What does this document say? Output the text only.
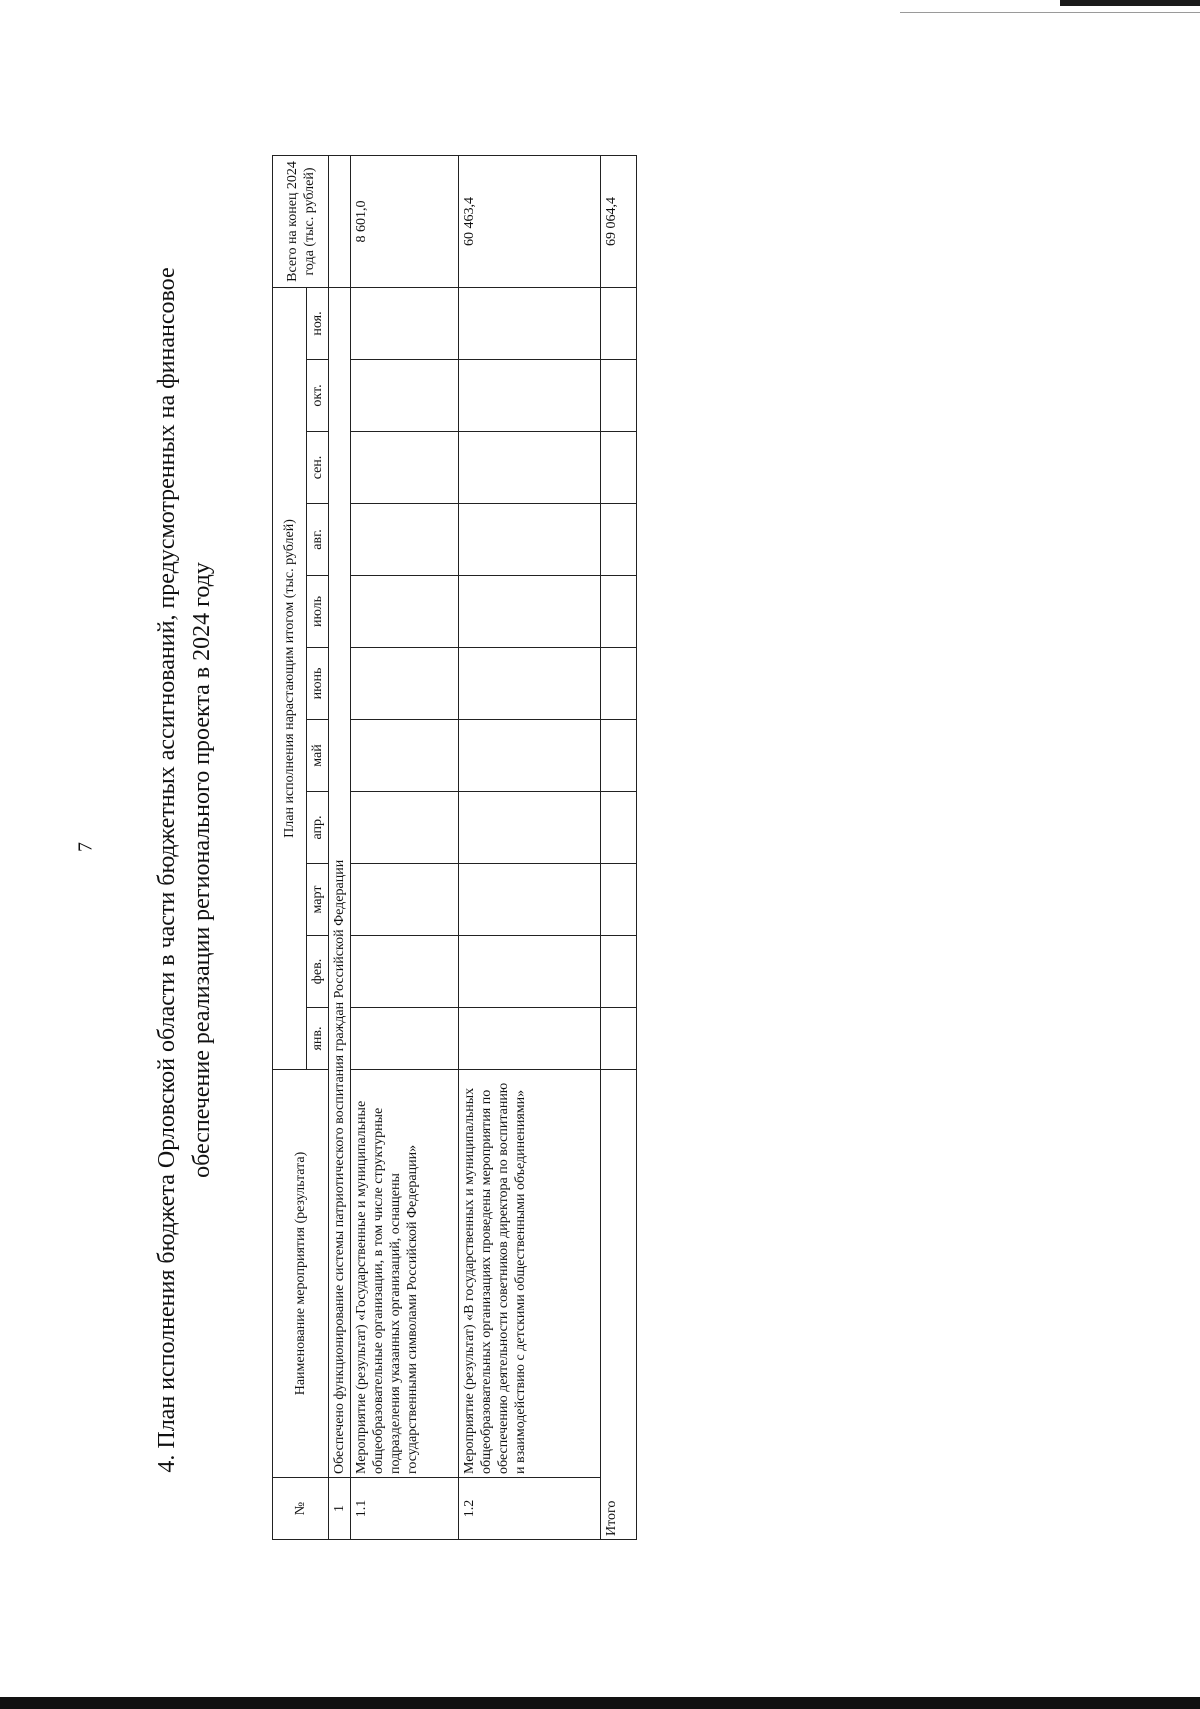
7 4. План исполнения бюджета Орловской области в части бюджетных ассигнований, предусмотренных на финансовое обеспечение реализации регионального проекта в 2024 году
№	Наименование мероприятия (результата)	План исполнения нарастающим итогом (тыс. рублей)											Всего на конец 2024 года (тыс. рублей)
		янв.	фев.	март	апр.	май	июнь	июль	авг.	сен.	окт.	ноя.	
1	Обеспечено функционирование системы патриотического воспитания граждан Российской Федерации												
1.1	Мероприятие (результат) «Государственные и муниципальные общеобразовательные организации, в том числе структурные подразделения указанных организаций, оснащены государственными символами Российской Федерации»												8 601,0
1.2	Мероприятие (результат) «В государственных и муниципальных общеобразовательных организациях проведены мероприятия по обеспечению деятельности советников директора по воспитанию и взаимодействию с детскими общественными объединениями»												60 463,4
Итого													69 064,4
